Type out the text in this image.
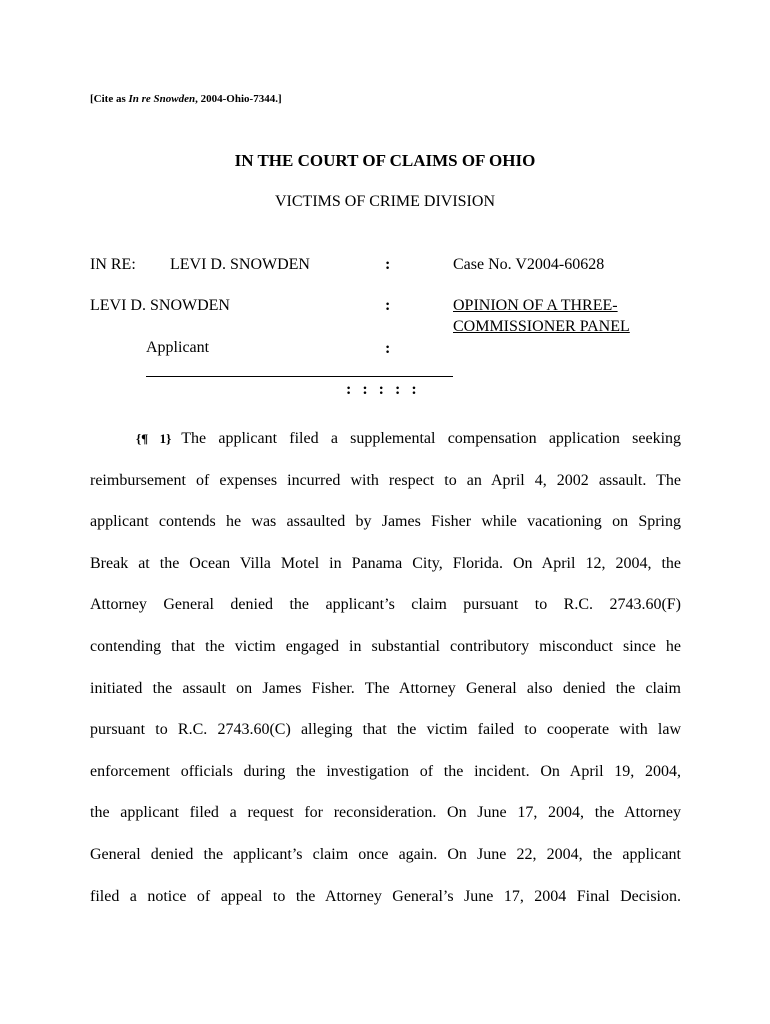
[Cite as In re Snowden, 2004-Ohio-7344.]
IN THE COURT OF CLAIMS OF OHIO
VICTIMS OF CRIME DIVISION
IN RE: LEVI D. SNOWDEN	:	Case No. V2004-60628
LEVI D. SNOWDEN	:	OPINION OF A THREE-
COMMISSIONER PANEL
Applicant	:
: : : : :
{¶ 1} The applicant filed a supplemental compensation application seeking
reimbursement of expenses incurred with respect to an April 4, 2002 assault. The
applicant contends he was assaulted by James Fisher while vacationing on Spring
Break at the Ocean Villa Motel in Panama City, Florida. On April 12, 2004, the
Attorney General denied the applicant’s claim pursuant to R.C. 2743.60(F)
contending that the victim engaged in substantial contributory misconduct since he
initiated the assault on James Fisher. The Attorney General also denied the claim
pursuant to R.C. 2743.60(C) alleging that the victim failed to cooperate with law
enforcement officials during the investigation of the incident. On April 19, 2004,
the applicant filed a request for reconsideration. On June 17, 2004, the Attorney
General denied the applicant’s claim once again. On June 22, 2004, the applicant
filed a notice of appeal to the Attorney General’s June 17, 2004 Final Decision.
